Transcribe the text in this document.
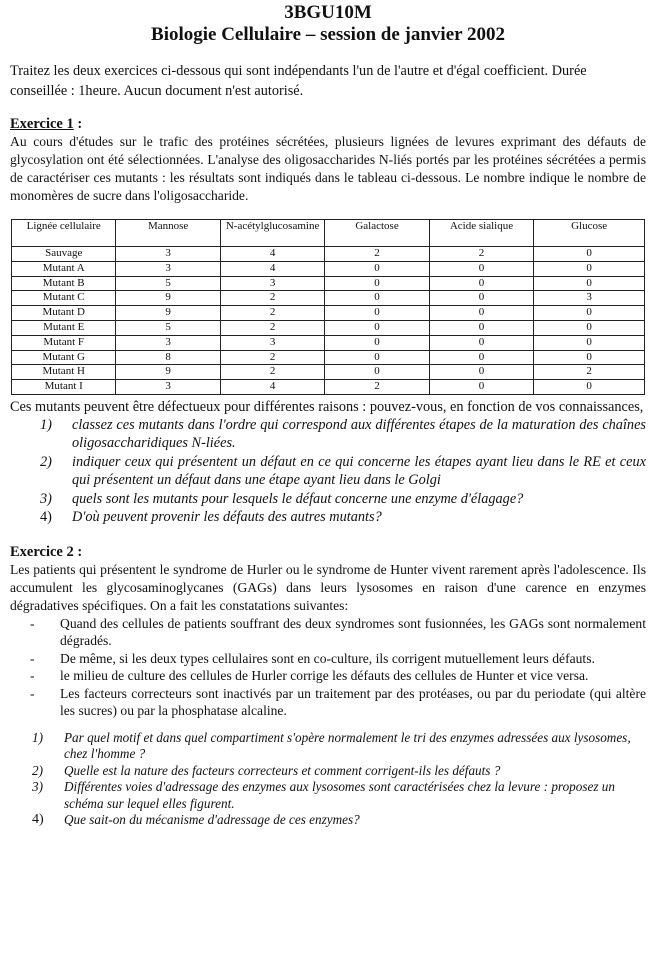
3BGU10M
Biologie Cellulaire – session de janvier 2002

Traitez les deux exercices ci-dessous qui sont indépendants l'un de l'autre et d'égal coefficient. Durée conseillée : 1heure. Aucun document n'est autorisé.

Exercice 1 :

Au cours d'études sur le trafic des protéines sécrétées, plusieurs lignées de levures exprimant des défauts de glycosylation ont été sélectionnées. L'analyse des oligosaccharides N-liés portés par les protéines sécrétées a permis de caractériser ces mutants : les résultats sont indiqués dans le tableau ci-dessous. Le nombre indique le nombre de monomères de sucre dans l'oligosaccharide.

Lignée cellulaire	Mannose	N-acétylglucosamine	Galactose	Acide sialique	Glucose
Sauvage	3	4	2	2	0
Mutant A	3	4	0	0	0
Mutant B	5	3	0	0	0
Mutant C	9	2	0	0	3
Mutant D	9	2	0	0	0
Mutant E	5	2	0	0	0
Mutant F	3	3	0	0	0
Mutant G	8	2	0	0	0
Mutant H	9	2	0	0	2
Mutant I	3	4	2	0	0

Ces mutants peuvent être défectueux pour différentes raisons : pouvez-vous, en fonction de vos connaissances,

1)	classez ces mutants dans l'ordre qui correspond aux différentes étapes de la maturation des chaînes oligosaccharidiques N-liées.
2)	indiquer ceux qui présentent un défaut en ce qui concerne les étapes ayant lieu dans le RE et ceux qui présentent un défaut dans une étape ayant lieu dans le Golgi
3)	quels sont les mutants pour lesquels le défaut concerne une enzyme d'élagage?
4)	D'où peuvent provenir les défauts des autres mutants?
Exercice 2 :

Les patients qui présentent le syndrome de Hurler ou le syndrome de Hunter vivent rarement après l'adolescence. Ils accumulent les glycosaminoglycanes (GAGs) dans leurs lysosomes en raison d'une carence en enzymes dégradatives spécifiques. On a fait les constatations suivantes:

-	Quand des cellules de patients souffrant des deux syndromes sont fusionnées, les GAGs sont normalement dégradés.
-	De même, si les deux types cellulaires sont en co-culture, ils corrigent mutuellement leurs défauts.
-	le milieu de culture des cellules de Hurler corrige les défauts des cellules de Hunter et vice versa.
-	Les facteurs correcteurs sont inactivés par un traitement par des protéases, ou par du periodate (qui altère les sucres) ou par la phosphatase alcaline.
1)	Par quel motif et dans quel compartiment s'opère normalement le tri des enzymes adressées aux lysosomes, chez l'homme ?
2)	Quelle est la nature des facteurs correcteurs et comment corrigent-ils les défauts ?
3)	Différentes voies d'adressage des enzymes aux lysosomes sont caractérisées chez la levure : proposez un schéma sur lequel elles figurent.
4)	Que sait-on du mécanisme d'adressage de ces enzymes?
